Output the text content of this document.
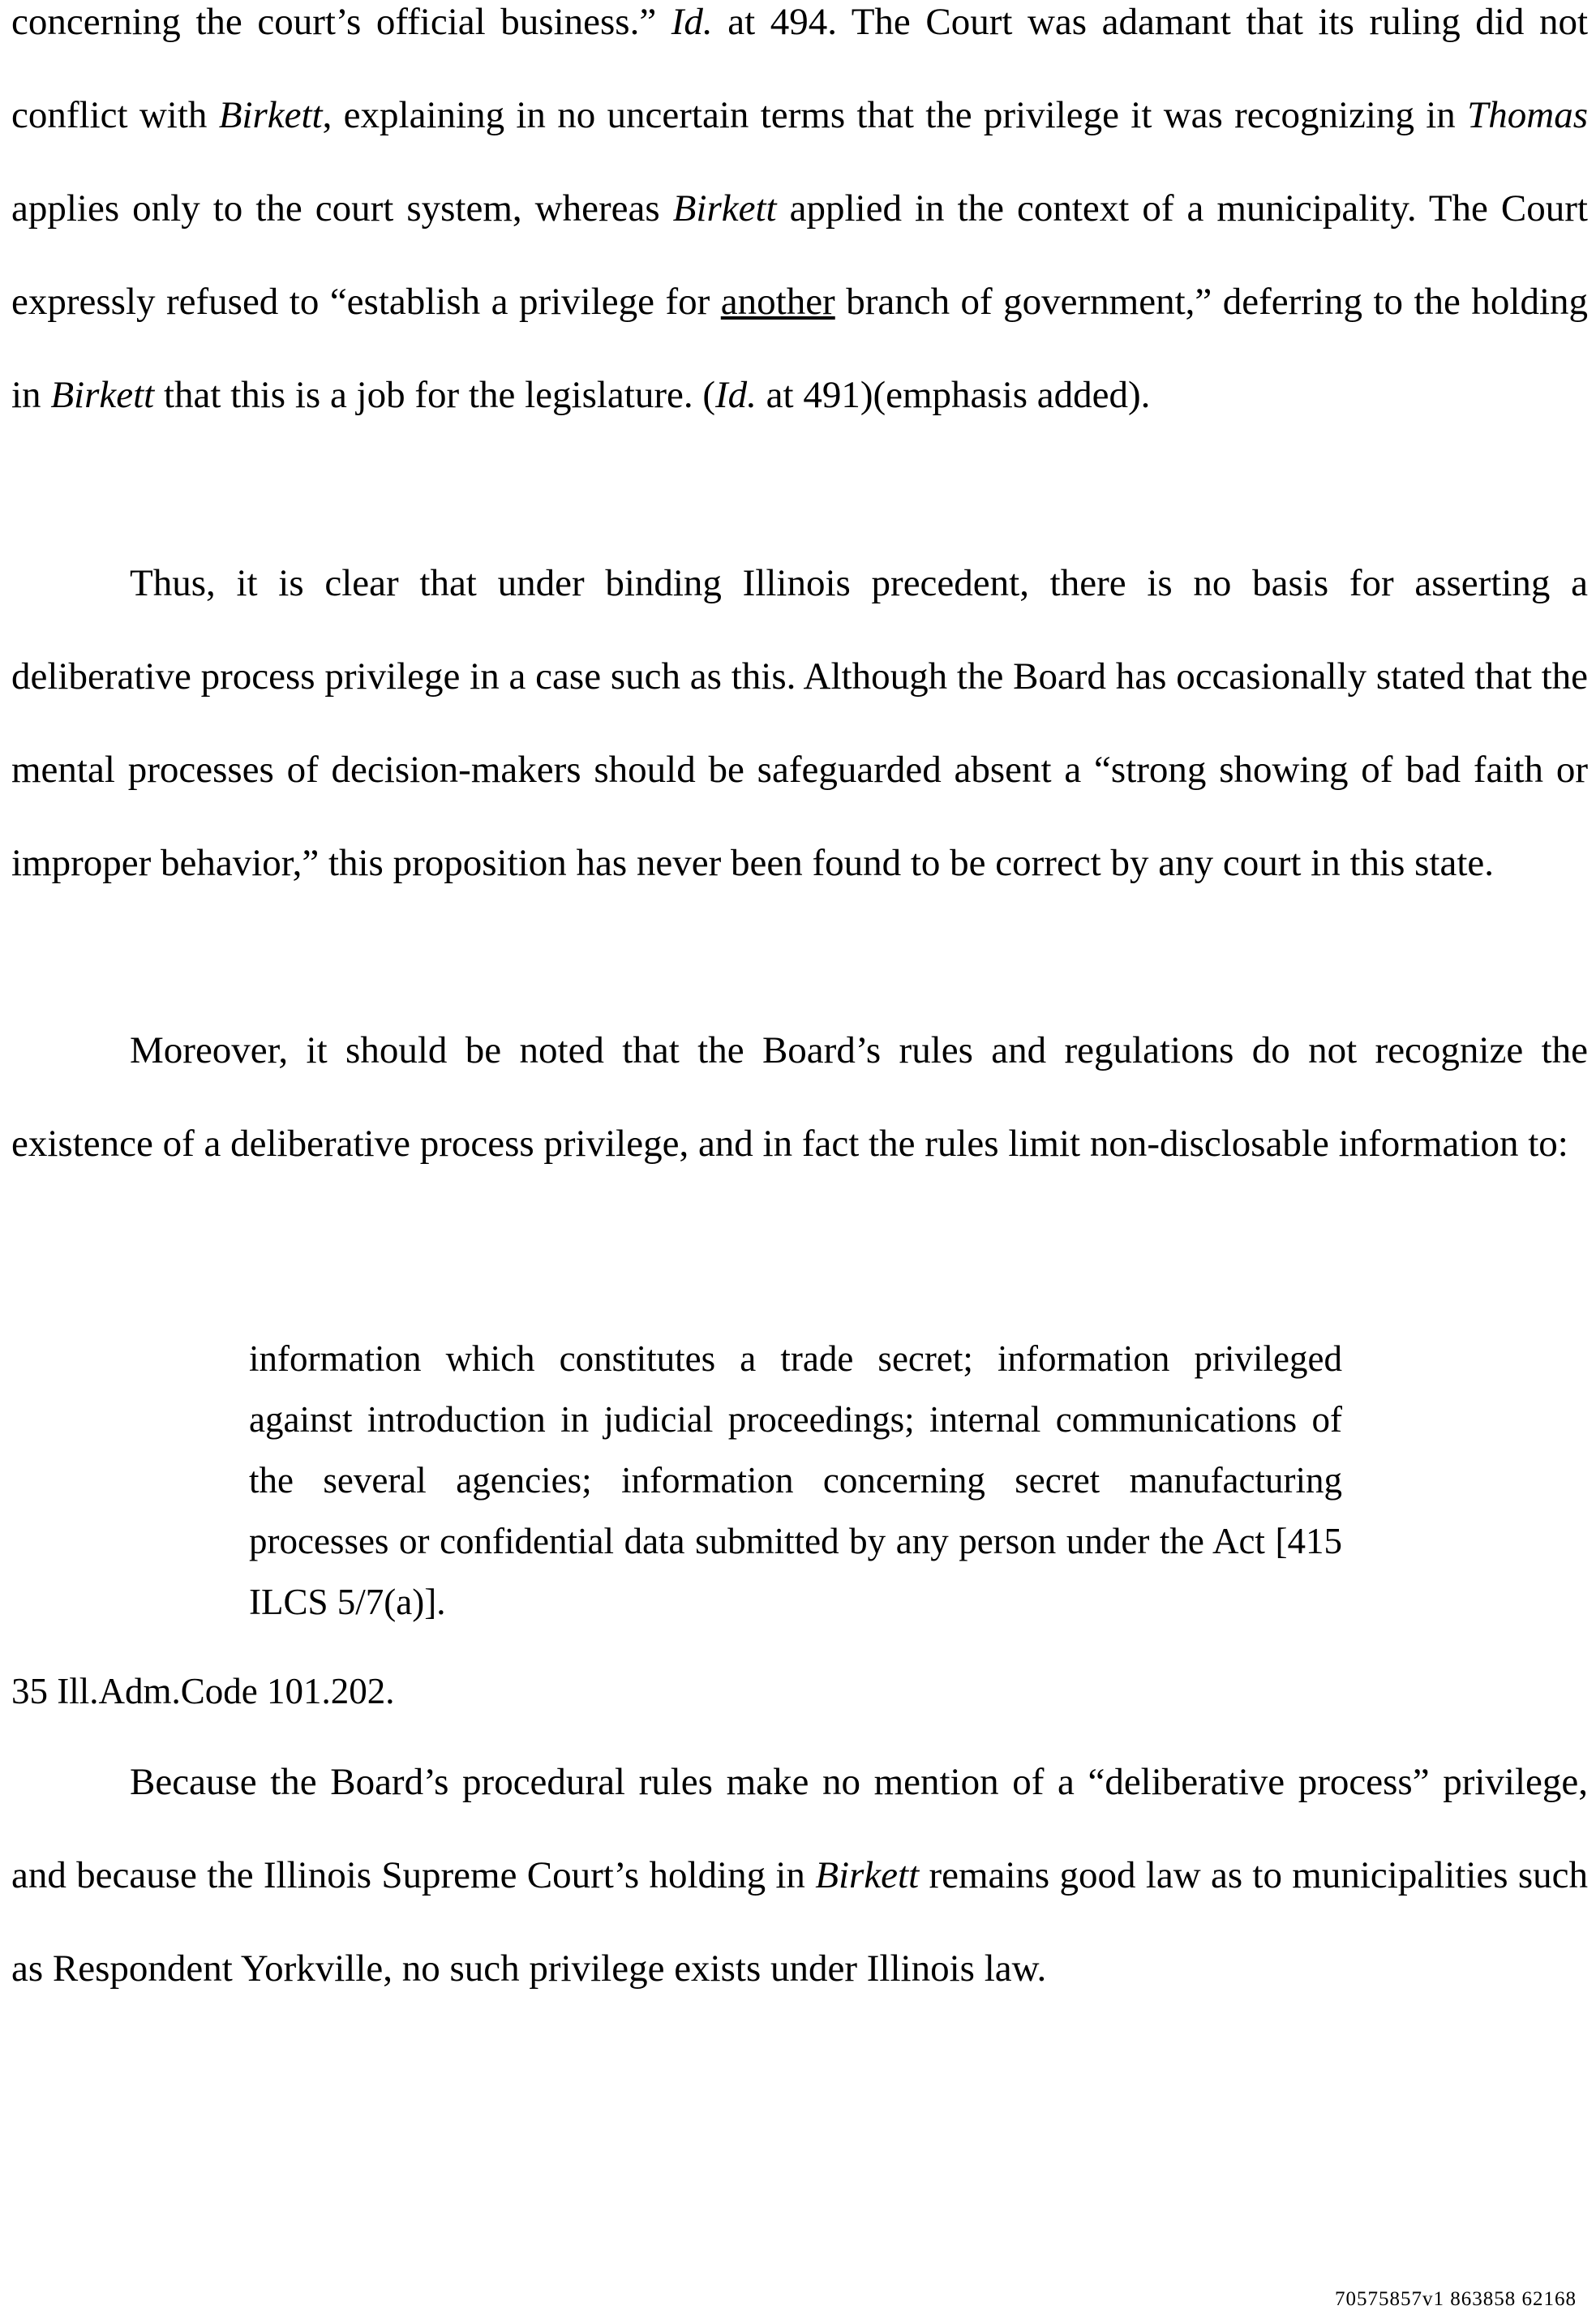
concerning the court’s official business.” Id. at 494. The Court was adamant that its ruling did not conflict with Birkett, explaining in no uncertain terms that the privilege it was recognizing in Thomas applies only to the court system, whereas Birkett applied in the context of a municipality. The Court expressly refused to “establish a privilege for another branch of government,” deferring to the holding in Birkett that this is a job for the legislature. (Id. at 491)(emphasis added).

Thus, it is clear that under binding Illinois precedent, there is no basis for asserting a deliberative process privilege in a case such as this. Although the Board has occasionally stated that the mental processes of decision-makers should be safeguarded absent a “strong showing of bad faith or improper behavior,” this proposition has never been found to be correct by any court in this state.

Moreover, it should be noted that the Board’s rules and regulations do not recognize the existence of a deliberative process privilege, and in fact the rules limit non-disclosable information to:

information which constitutes a trade secret; information privileged against introduction in judicial proceedings; internal communications of the several agencies; information concerning secret manufacturing processes or confidential data submitted by any person under the Act [415 ILCS 5/7(a)].

35 Ill.Adm.Code 101.202.

Because the Board’s procedural rules make no mention of a “deliberative process” privilege, and because the Illinois Supreme Court’s holding in Birkett remains good law as to municipalities such as Respondent Yorkville, no such privilege exists under Illinois law.

70575857v1 863858 62168
